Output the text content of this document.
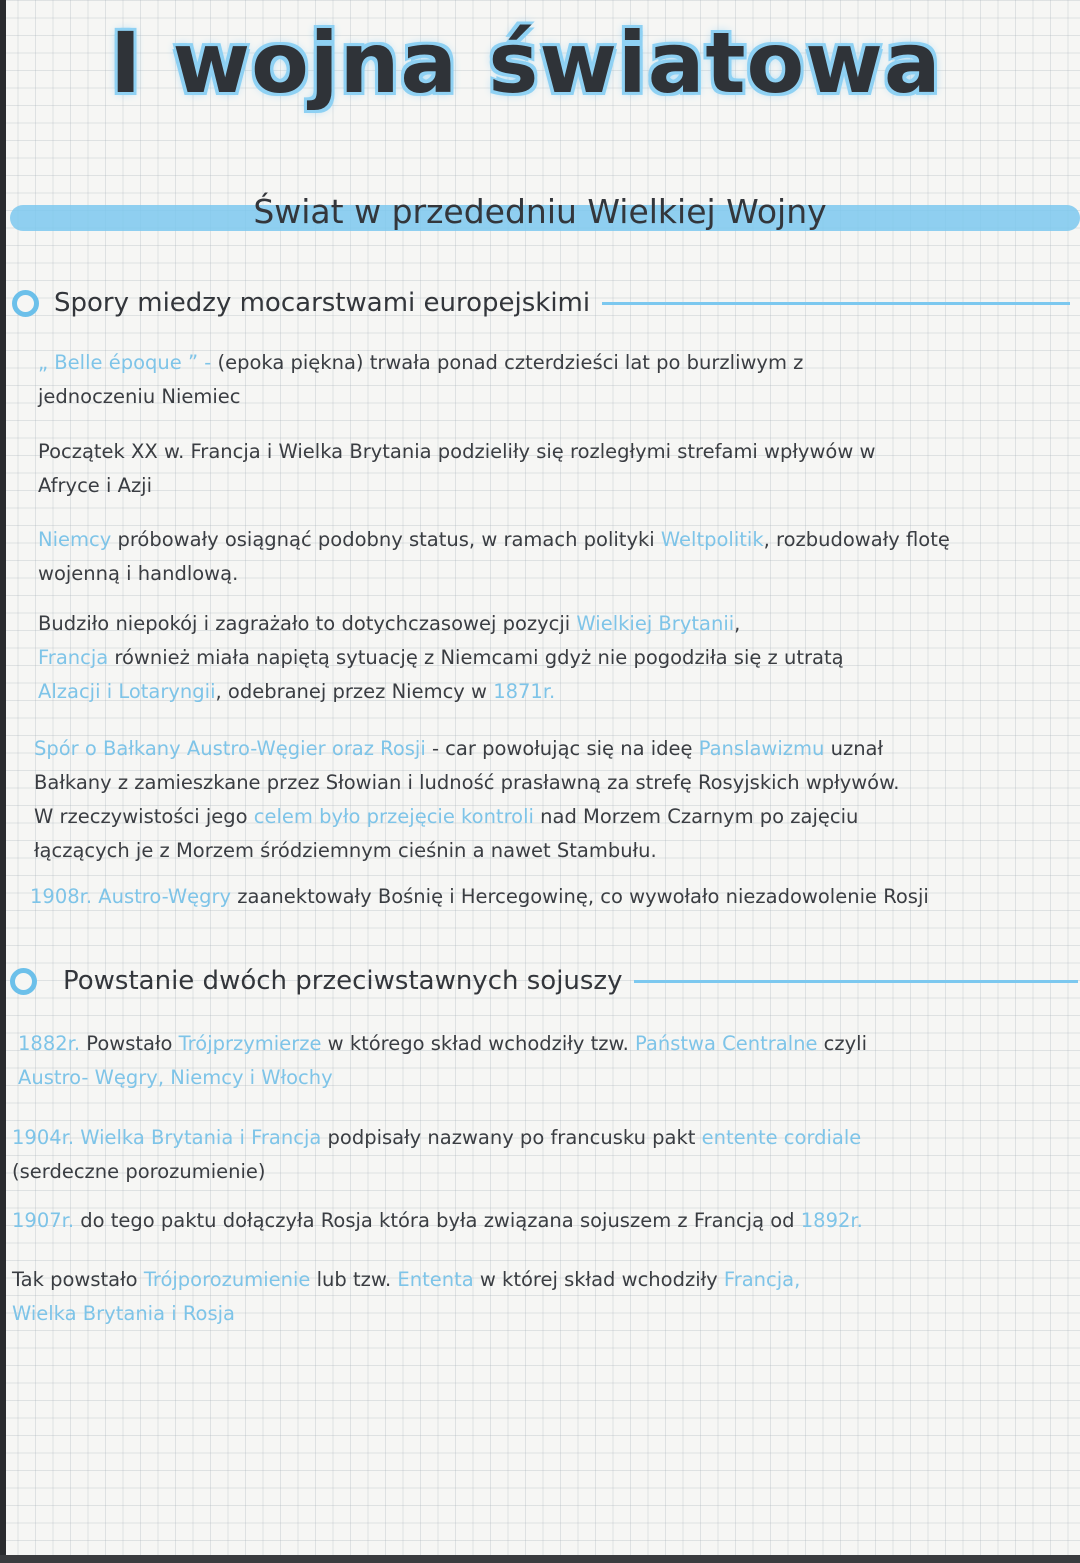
I wojna światowa
Świat w przededniu Wielkiej Wojny
Spory miedzy mocarstwami europejskimi
„ Belle époque ” - (epoka piękna) trwała ponad czterdzieści lat po burzliwym z
jednoczeniu Niemiec
Początek XX w. Francja i Wielka Brytania podzieliły się rozległymi strefami wpływów w
Afryce i Azji
Niemcy próbowały osiągnąć podobny status, w ramach polityki Weltpolitik, rozbudowały flotę
wojenną i handlową.
Budziło niepokój i zagrażało to dotychczasowej pozycji Wielkiej Brytanii,
Francja również miała napiętą sytuację z Niemcami gdyż nie pogodziła się z utratą
Alzacji i Lotaryngii, odebranej przez Niemcy w 1871r.
Spór o Bałkany Austro-Węgier oraz Rosji - car powołując się na ideę Panslawizmu uznał
Bałkany z zamieszkane przez Słowian i ludność prasławną za strefę Rosyjskich wpływów.
W rzeczywistości jego celem było przejęcie kontroli nad Morzem Czarnym po zajęciu
łączących je z Morzem śródziemnym cieśnin a nawet Stambułu.
1908r. Austro-Węgry zaanektowały Bośnię i Hercegowinę, co wywołało niezadowolenie Rosji
Powstanie dwóch przeciwstawnych sojuszy
1882r. Powstało Trójprzymierze w którego skład wchodziły tzw. Państwa Centralne czyli
Austro- Węgry, Niemcy i Włochy
1904r. Wielka Brytania i Francja podpisały nazwany po francusku pakt entente cordiale
(serdeczne porozumienie)
1907r. do tego paktu dołączyła Rosja która była związana sojuszem z Francją od 1892r.
Tak powstało Trójporozumienie lub tzw. Ententa w której skład wchodziły Francja,
Wielka Brytania i Rosja
